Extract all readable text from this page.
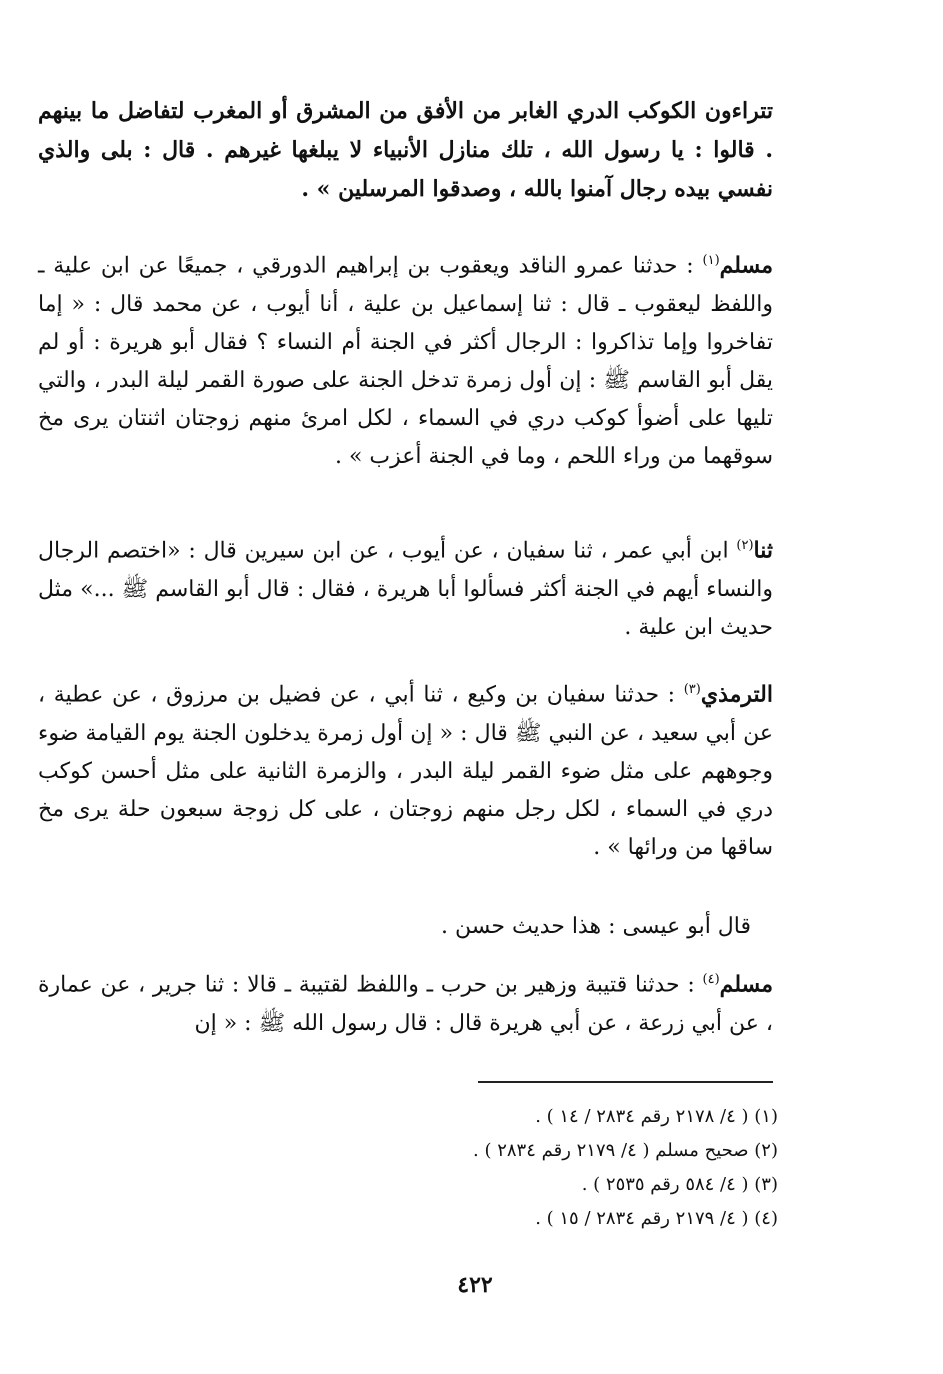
تتراءون الكوكب الدري الغابر من الأفق من المشرق أو المغرب لتفاضل ما بينهم . قالوا : يا رسول الله ، تلك منازل الأنبياء لا يبلغها غيرهم . قال : بلى والذي نفسي بيده رجال آمنوا بالله ، وصدقوا المرسلين » .

مسلم$^{(١)}$ : حدثنا عمرو الناقد ويعقوب بن إبراهيم الدورقي ، جميعًا عن ابن علية ـ واللفظ ليعقوب ـ قال : ثنا إسماعيل بن علية ، أنا أيوب ، عن محمد قال : « إما تفاخروا وإما تذاكروا : الرجال أكثر في الجنة أم النساء ؟ فقال أبو هريرة : أو لم يقل أبو القاسم ﷺ : إن أول زمرة تدخل الجنة على صورة القمر ليلة البدر ، والتي تليها على أضوأ كوكب دري في السماء ، لكل امرئ منهم زوجتان اثنتان يرى مخ سوقهما من وراء اللحم ، وما في الجنة أعزب » .

ثنا$^{(٢)}$ ابن أبي عمر ، ثنا سفيان ، عن أيوب ، عن ابن سيرين قال : «اختصم الرجال والنساء أيهم في الجنة أكثر فسألوا أبا هريرة ، فقال : قال أبو القاسم ﷺ ...» مثل حديث ابن علية .

الترمذي$^{(٣)}$ : حدثنا سفيان بن وكيع ، ثنا أبي ، عن فضيل بن مرزوق ، عن عطية ، عن أبي سعيد ، عن النبي ﷺ قال : « إن أول زمرة يدخلون الجنة يوم القيامة ضوء وجوههم على مثل ضوء القمر ليلة البدر ، والزمرة الثانية على مثل أحسن كوكب دري في السماء ، لكل رجل منهم زوجتان ، على كل زوجة سبعون حلة يرى مخ ساقها من ورائها » .

 قال أبو عيسى : هذا حديث حسن .

مسلم$^{(٤)}$ : حدثنا قتيبة وزهير بن حرب ـ واللفظ لقتيبة ـ قالا : ثنا جرير ، عن عمارة ، عن أبي زرعة ، عن أبي هريرة قال : قال رسول الله ﷺ : « إن

(١) ( ٤/ ٢١٧٨ رقم ٢٨٣٤ / ١٤ ) .

(٢) صحيح مسلم ( ٤/ ٢١٧٩ رقم ٢٨٣٤ ) .

(٣) ( ٤/ ٥٨٤ رقم ٢٥٣٥ ) .

(٤) ( ٤/ ٢١٧٩ رقم ٢٨٣٤ / ١٥ ) .

٤٢٢
